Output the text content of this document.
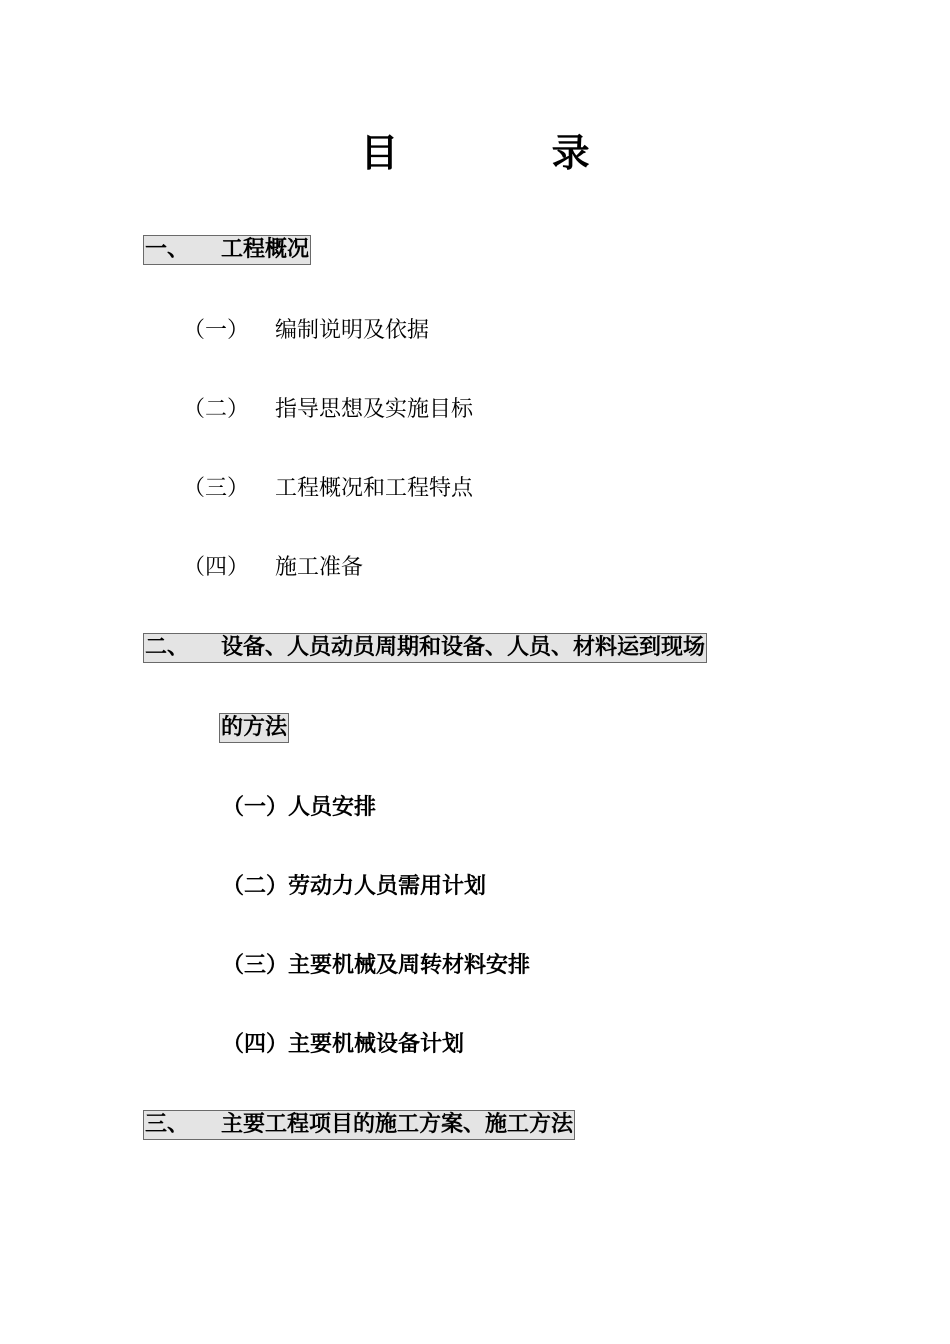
目 录
一、 工程概况
（一） 编制说明及依据
（二） 指导思想及实施目标
（三） 工程概况和工程特点
（四） 施工准备
二、 设备、人员动员周期和设备、人员、材料运到现场
的方法
（一）人员安排
（二）劳动力人员需用计划
（三）主要机械及周转材料安排
（四）主要机械设备计划
三、 主要工程项目的施工方案、施工方法
